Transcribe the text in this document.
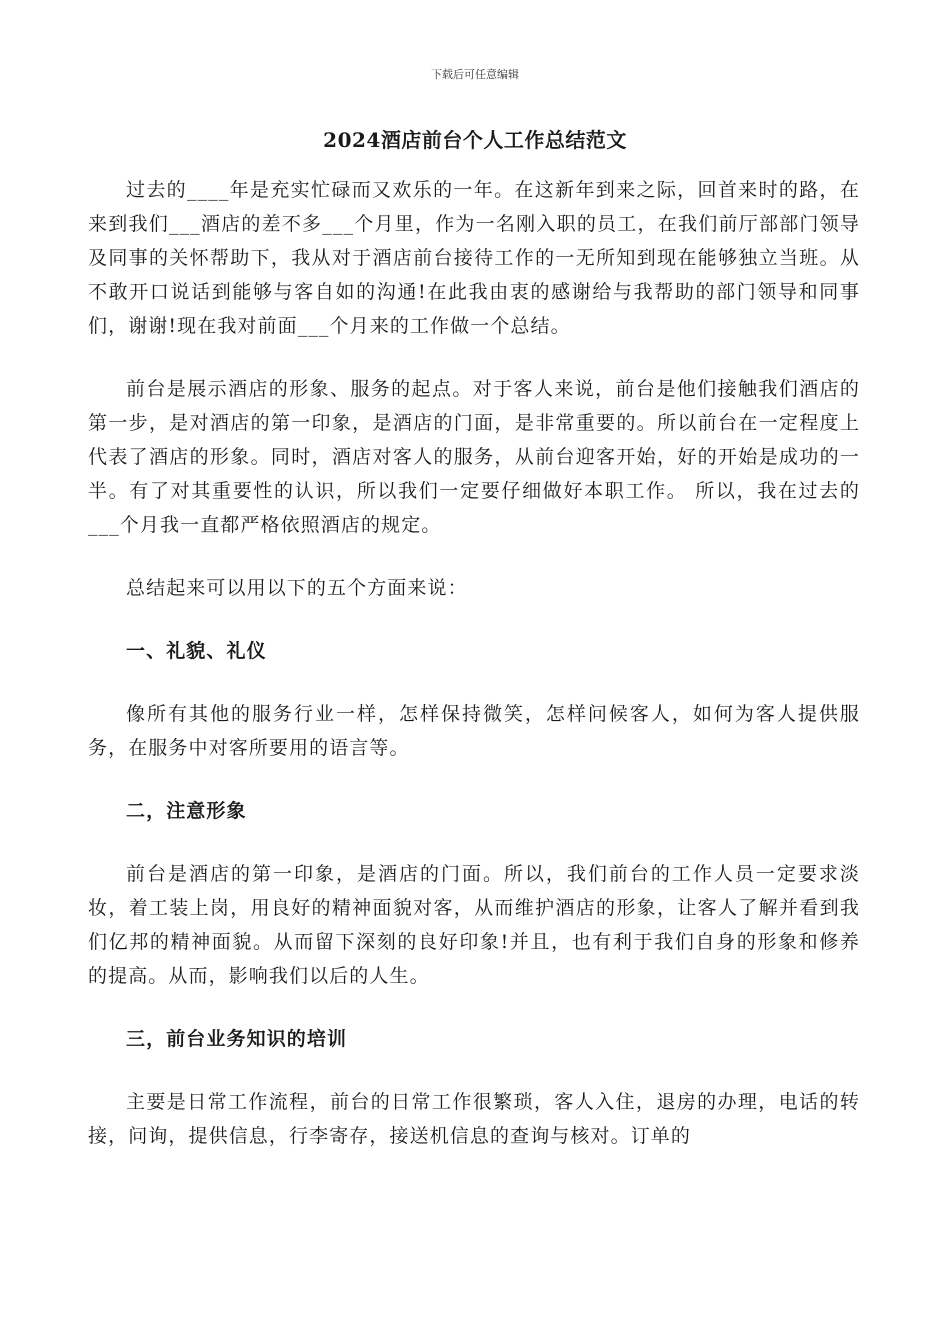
下载后可任意编辑
2024酒店前台个人工作总结范文

过去的____年是充实忙碌而又欢乐的一年。在这新年到来之际，回首来时的路，在来到我们___酒店的差不多___个月里，作为一名刚入职的员工，在我们前厅部部门领导及同事的关怀帮助下，我从对于酒店前台接待工作的一无所知到现在能够独立当班。从不敢开口说话到能够与客自如的沟通!在此我由衷的感谢给与我帮助的部门领导和同事们，谢谢!现在我对前面___个月来的工作做一个总结。

前台是展示酒店的形象、服务的起点。对于客人来说，前台是他们接触我们酒店的第一步，是对酒店的第一印象，是酒店的门面，是非常重要的。所以前台在一定程度上代表了酒店的形象。同时，酒店对客人的服务，从前台迎客开始，好的开始是成功的一半。有了对其重要性的认识，所以我们一定要仔细做好本职工作。 所以，我在过去的___个月我一直都严格依照酒店的规定。

总结起来可以用以下的五个方面来说：

一、礼貌、礼仪

像所有其他的服务行业一样，怎样保持微笑，怎样问候客人，如何为客人提供服务，在服务中对客所要用的语言等。

二，注意形象

前台是酒店的第一印象，是酒店的门面。所以，我们前台的工作人员一定要求淡妆，着工装上岗，用良好的精神面貌对客，从而维护酒店的形象，让客人了解并看到我们亿邦的精神面貌。从而留下深刻的良好印象!并且，也有利于我们自身的形象和修养的提高。从而，影响我们以后的人生。

三，前台业务知识的培训

主要是日常工作流程，前台的日常工作很繁琐，客人入住，退房的办理，电话的转接，问询，提供信息，行李寄存，接送机信息的查询与核对。订单的
